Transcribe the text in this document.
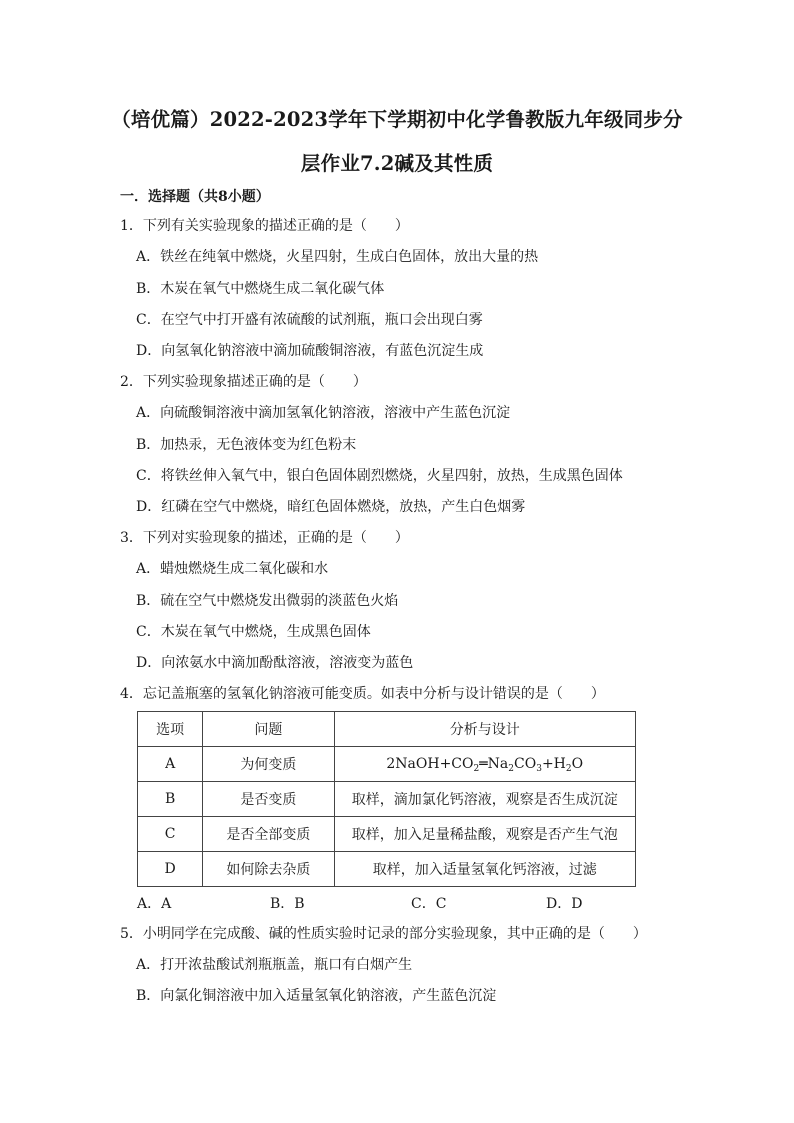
（培优篇）2022-2023学年下学期初中化学鲁教版九年级同步分
层作业7.2碱及其性质
一．选择题（共8小题）
1．下列有关实验现象的描述正确的是（　　）
A．铁丝在纯氧中燃烧，火星四射，生成白色固体，放出大量的热
B．木炭在氧气中燃烧生成二氧化碳气体
C．在空气中打开盛有浓硫酸的试剂瓶，瓶口会出现白雾
D．向氢氧化钠溶液中滴加硫酸铜溶液，有蓝色沉淀生成
2．下列实验现象描述正确的是（　　）
A．向硫酸铜溶液中滴加氢氧化钠溶液，溶液中产生蓝色沉淀
B．加热汞，无色液体变为红色粉末
C．将铁丝伸入氧气中，银白色固体剧烈燃烧，火星四射，放热，生成黑色固体
D．红磷在空气中燃烧，暗红色固体燃烧，放热，产生白色烟雾
3．下列对实验现象的描述，正确的是（　　）
A．蜡烛燃烧生成二氧化碳和水
B．硫在空气中燃烧发出微弱的淡蓝色火焰
C．木炭在氧气中燃烧，生成黑色固体
D．向浓氨水中滴加酚酞溶液，溶液变为蓝色
4．忘记盖瓶塞的氢氧化钠溶液可能变质。如表中分析与设计错误的是（　　）
选项	问题	分析与设计
A	为何变质	$2NaOH+CO_2═Na_2CO_3+H_2O$
B	是否变质	取样，滴加氯化钙溶液，观察是否生成沉淀
C	是否全部变质	取样，加入足量稀盐酸，观察是否产生气泡
D	如何除去杂质	取样，加入适量氢氧化钙溶液，过滤
A．A	B．B	C．C	D．D
5．小明同学在完成酸、碱的性质实验时记录的部分实验现象，其中正确的是（　　）
A．打开浓盐酸试剂瓶瓶盖，瓶口有白烟产生
B．向氯化铜溶液中加入适量氢氧化钠溶液，产生蓝色沉淀
